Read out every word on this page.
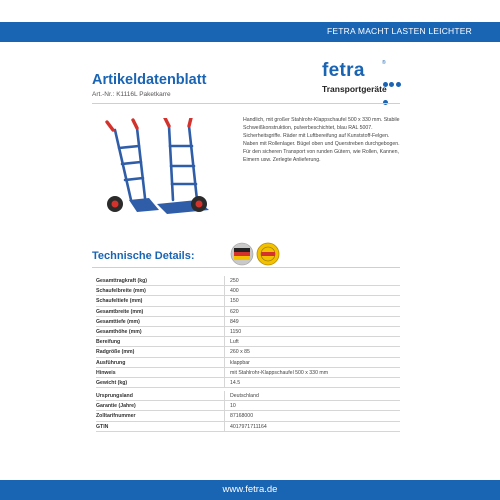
FETRA MACHT LASTEN LEICHTER
fetra	®
Transportgeräte
Artikeldatenblatt
Art.-Nr.: K1116L Paketkarre
Handlich, mit großer Stahlrohr-Klappschaufel 500 x 330 mm. Stabile Schweißkonstruktion, pulverbeschichtet, blau RAL 5007. Sicherheitsgriffe. Räder mit Luftbereifung auf Kunststoff-Felgen. Naben mit Rollenlager. Bügel oben und Querstreben durchgebogen. Für den sicheren Transport von runden Gütern, wie Rollen, Kannen, Eimern usw. Zerlegte Anlieferung.
Technische Details:
Gesamttragkraft (kg)	250
Schaufelbreite (mm)	400
Schaufeltiefe (mm)	150
Gesamtbreite (mm)	620
Gesamttiefe (mm)	849
Gesamthöhe (mm)	1150
Bereifung	Luft
Radgröße (mm)	260 x 85
Ausführung	klappbar
Hinweis	mit Stahlrohr-Klappschaufel 500 x 330 mm
Gewicht (kg)	14.5
Ursprungsland	Deutschland
Garantie (Jahre)	10
Zolltarifnummer	87168000
GTIN	4017971711164
www.fetra.de
